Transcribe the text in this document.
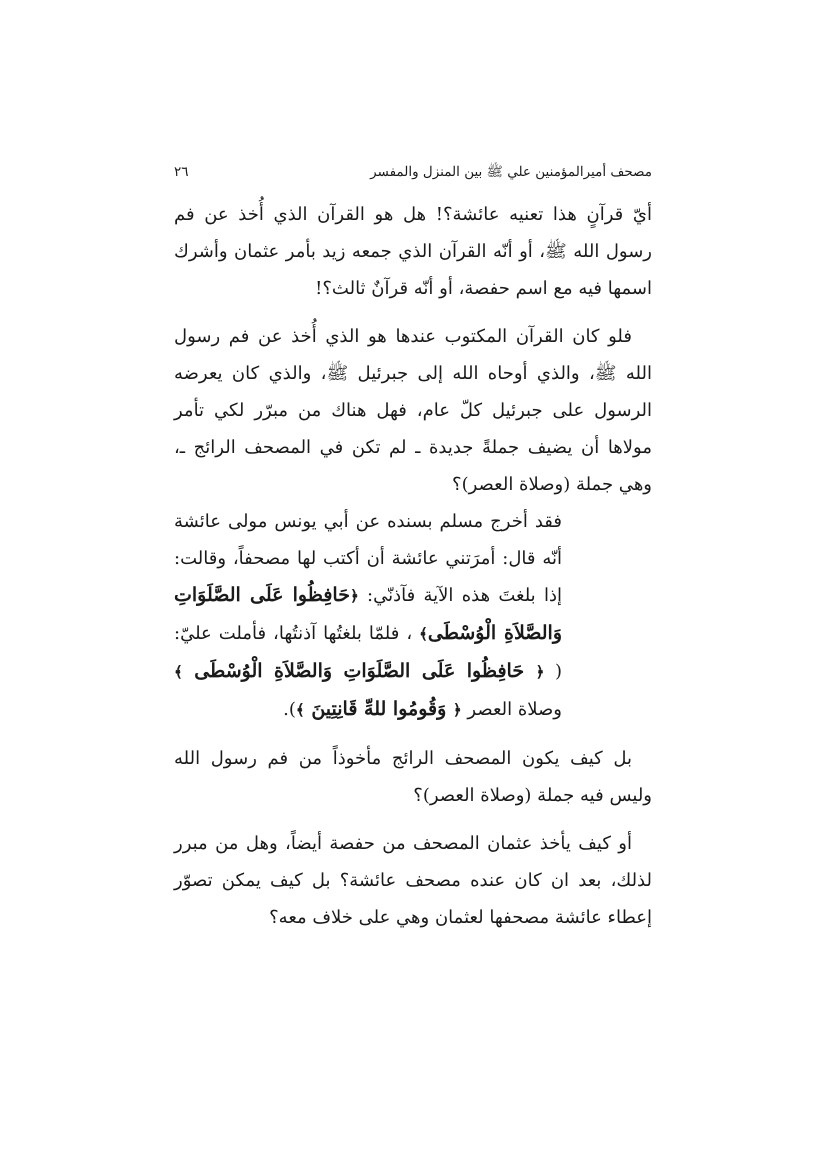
مصحف أميرالمؤمنين علي ﷺ بين المنزل والمفسر
٢٦

أيّ قرآنٍ هذا تعنيه عائشة؟! هل هو القرآن الذي أُخذ عن فم رسول الله ﷺ، أو أنّه القرآن الذي جمعه زيد بأمر عثمان وأشرك اسمها فيه مع اسم حفصة، أو أنّه قرآنٌ ثالث؟!

فلو كان القرآن المكتوب عندها هو الذي أُخذ عن فم رسول الله ﷺ، والذي أوحاه الله إلى جبرئيل ﷺ، والذي كان يعرضه الرسول على جبرئيل كلّ عام، فهل هناك من مبرّر لكي تأمر مولاها أن يضيف جملةً جديدة ـ لم تكن في المصحف الرائج ـ، وهي جملة (وصلاة العصر)؟

فقد أخرج مسلم بسنده عن أبي يونس مولى عائشة أنّه قال: أمرَتني عائشة أن أكتب لها مصحفاً، وقالت: إذا بلغتَ هذه الآية فآذنّي: ﴿حَافِظُوا عَلَى الصَّلَوَاتِ وَالصَّلاَةِ الْوُسْطَى﴾ ، فلمّا بلغتُها آذنتُها، فأملت عليّ: ( ﴿ حَافِظُوا عَلَى الصَّلَوَاتِ وَالصَّلاَةِ الْوُسْطَى ﴾ وصلاة العصر ﴿ وَقُومُوا للهِّ قَانِتِينَ ﴾).

بل كيف يكون المصحف الرائج مأخوذاً من فم رسول الله وليس فيه جملة (وصلاة العصر)؟

أو كيف يأخذ عثمان المصحف من حفصة أيضاً، وهل من مبرر لذلك، بعد ان كان عنده مصحف عائشة؟ بل كيف يمكن تصوّر إعطاء عائشة مصحفها لعثمان وهي على خلاف معه؟
